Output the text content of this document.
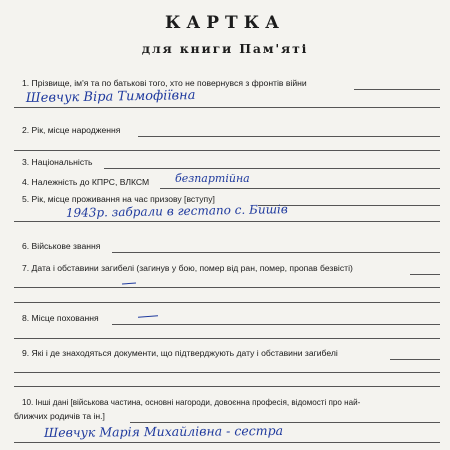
КАРТКА
для книги Пам'яті
1. Прізвище, ім'я та по батькові того, хто не повернувся з фронтів війни
Шевчук Віра Тимофіївна
2. Рік, місце народження
3. Національність
4. Належність до КПРС, ВЛКСМ безпартійна
5. Рік, місце проживання на час призову [вступу]
1943р. забрали в гестапо с. Бишів
6. Військове звання
7. Дата і обставини загибелі (загинув у бою, помер від ран, помер, пропав безвісті)
8. Місце поховання
9. Які і де знаходяться документи, що підтверджують дату і обставини загибелі
10. Інші дані [військова частина, основні нагороди, довоєнна професія, відомості про най-
ближчих родичів та ін.]
Шевчук Марія Михайлівна - сестра
